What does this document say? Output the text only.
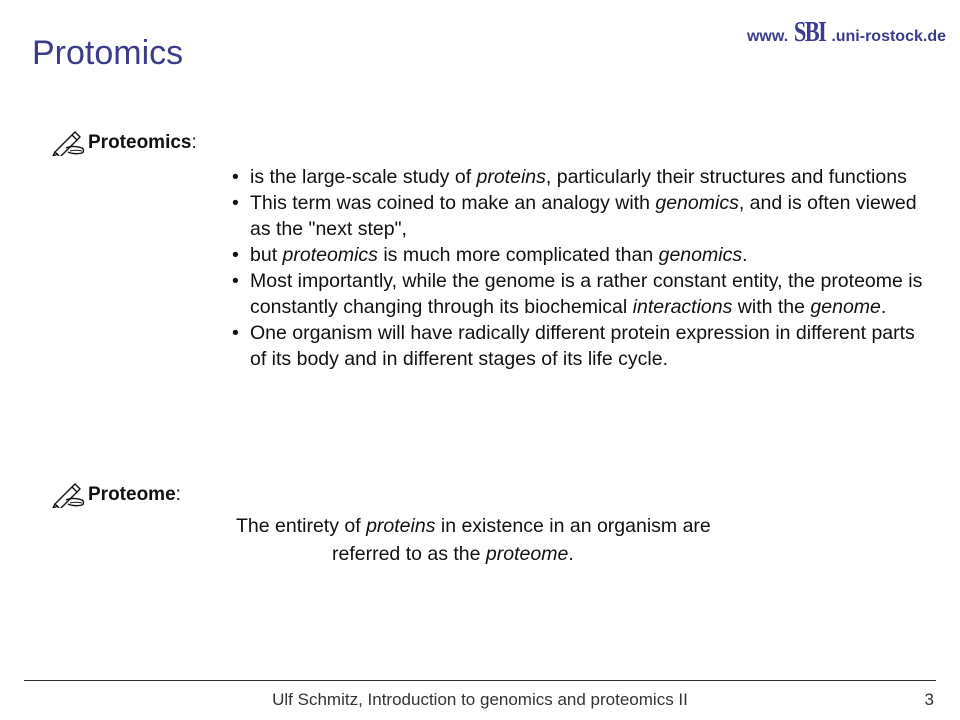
Protomics	www. SBI .uni-rostock.de
Proteomics :
• is the large-scale study of proteins, particularly their structures and functions
• This term was coined to make an analogy with genomics, and is often viewed as the "next step",
• but proteomics is much more complicated than genomics.
• Most importantly, while the genome is a rather constant entity, the proteome is constantly changing through its biochemical interactions with the genome.
• One organism will have radically different protein expression in different parts of its body and in different stages of its life cycle.
Proteome :
The entirety of proteins in existence in an organism are
referred to as the proteome.
Ulf Schmitz, Introduction to genomics and proteomics II	3
